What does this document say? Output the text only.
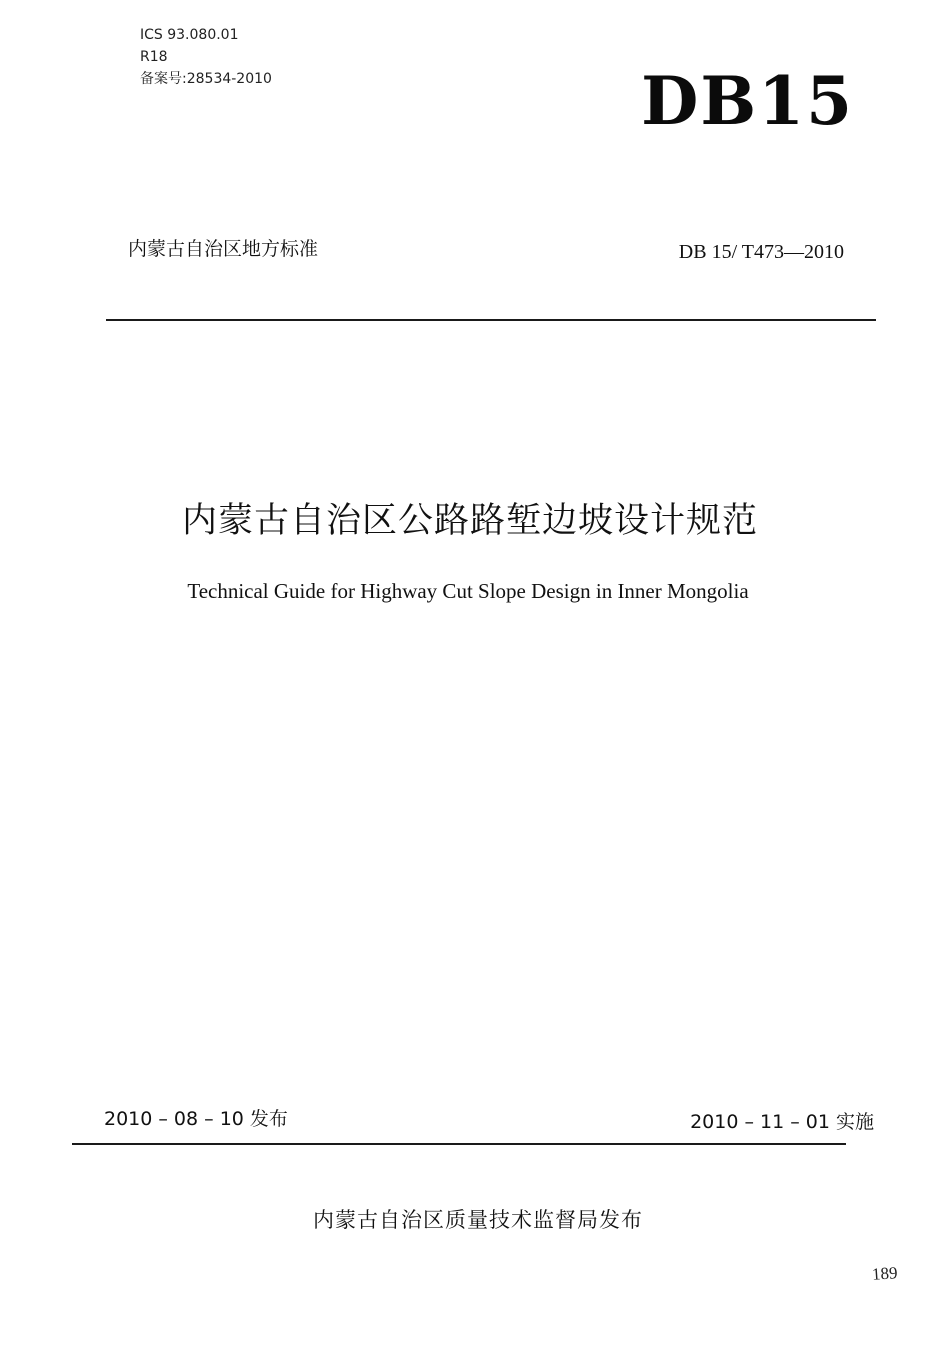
ICS 93.080.01
R18
备案号:28534-2010	DB15
内蒙古自治区地方标准	DB 15/ T473—2010
内蒙古自治区公路路堑边坡设计规范
Technical Guide for Highway Cut Slope Design in Inner Mongolia
2010 – 08 – 10 发布	2010 – 11 – 01 实施
内蒙古自治区质量技术监督局发布
189
